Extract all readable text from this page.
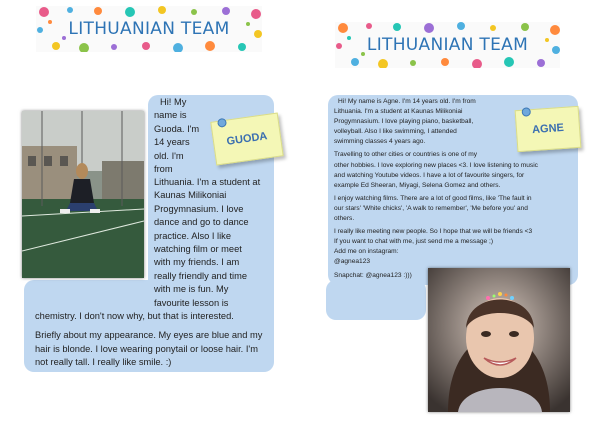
LITHUANIAN TEAM
GUODA
Hi! My
name is
Guoda. I'm
14 years
old. I'm
from
Lithuania. I'm a student at
Kaunas Milikoniai
Progymnasium. I love
dance and go to dance
practice. Also I like
watching film or meet
with my friends. I am
really friendly and time
with me is fun. My
favourite lesson is
chemistry. I don't now why, but that is interested.
Briefly about my appearance. My eyes are blue and my
hair is blonde. I love wearing ponytail or loose hair. I'm
not really tall. I really like smile. :)
LITHUANIAN TEAM
AGNE
Hi! My name is Agne. I'm 14 years old. I'm from
Lithuania. I'm a student at Kaunas Milikoniai
Progymnasium. I love playing piano, basketball,
volleyball. Also I like swimming, I attended
swimming classes 4 years ago.
Travelling to other cities or countries is one of my
other hobbies. I love exploring new places <3. I love listening to music
and watching Youtube videos. I have a lot of favourite singers, for
example Ed Sheeran, Miyagi, Selena Gomez and others.
I enjoy watching films. There are a lot of good films, like 'The fault in
our stars' 'White chicks', 'A walk to remember', 'Me before you' and
others.
I really like meeting new people. So I hope that we will be friends <3
If you want to chat with me, just send me a message ;)
Add me on instagram:
@agnea123
Snapchat: @agnea123 :)))
